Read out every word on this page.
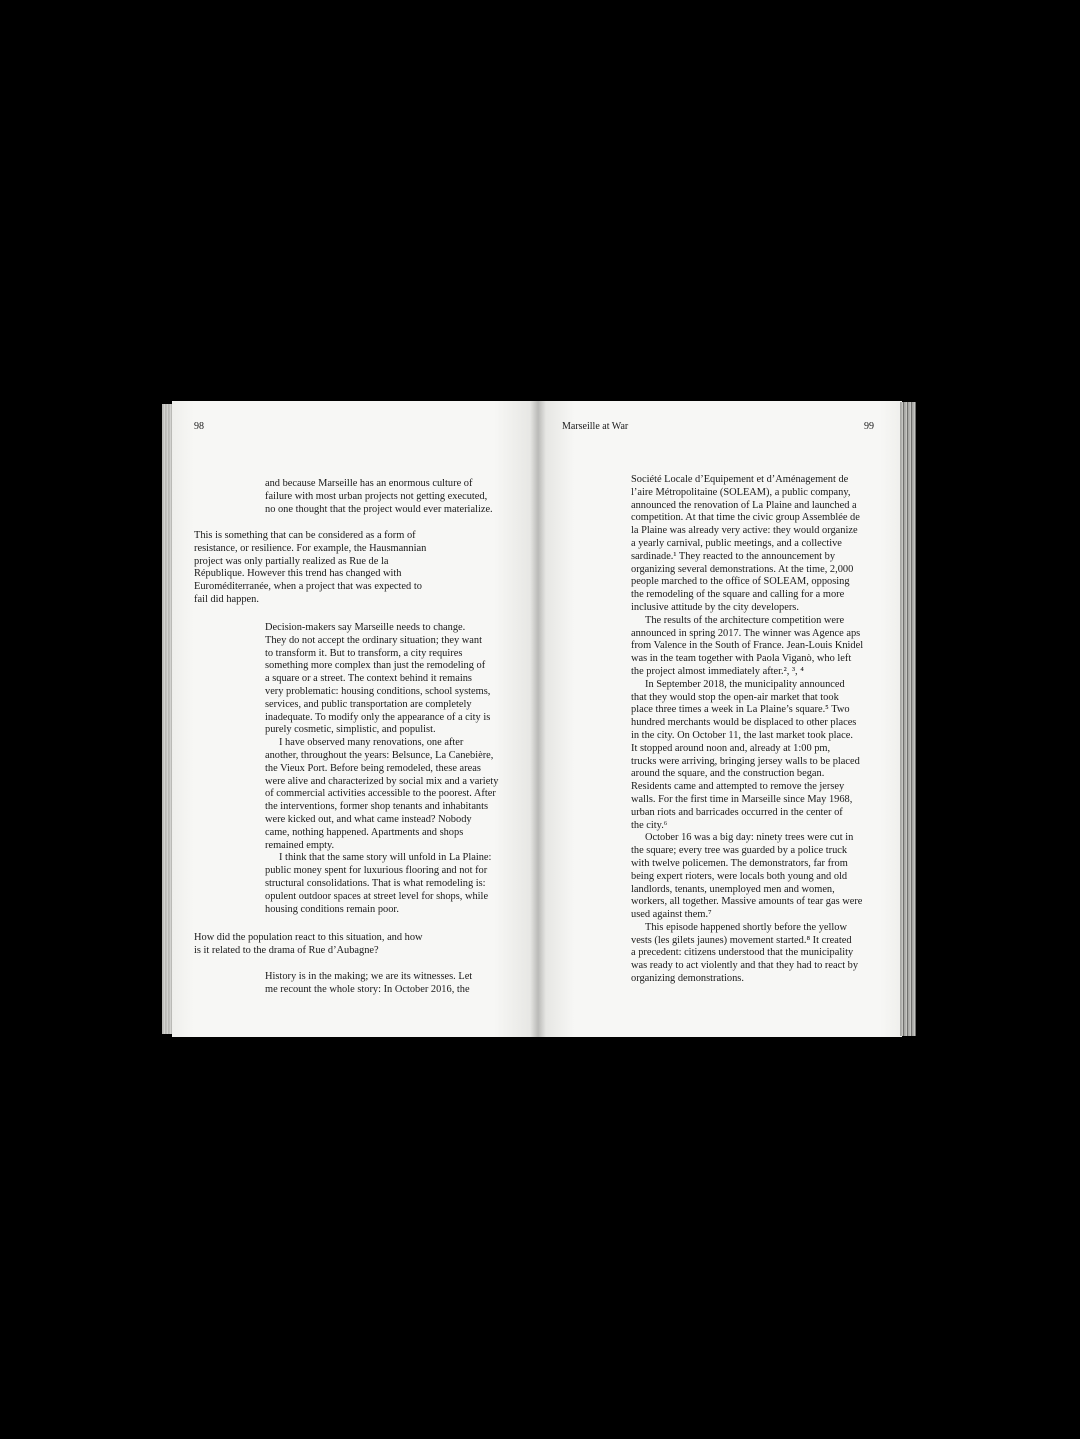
98
and because Marseille has an enormous culture of
failure with most urban projects not getting executed,
no one thought that the project would ever materialize.
This is something that can be considered as a form of
resistance, or resilience. For example, the Hausmannian
project was only partially realized as Rue de la
République. However this trend has changed with
Euroméditerranée, when a project that was expected to
fail did happen.
Decision-makers say Marseille needs to change.
They do not accept the ordinary situation; they want
to transform it. But to transform, a city requires
something more complex than just the remodeling of
a square or a street. The context behind it remains
very problematic: housing conditions, school systems,
services, and public transportation are completely
inadequate. To modify only the appearance of a city is
purely cosmetic, simplistic, and populist.
I have observed many renovations, one after
another, throughout the years: Belsunce, La Canebière,
the Vieux Port. Before being remodeled, these areas
were alive and characterized by social mix and a variety
of commercial activities accessible to the poorest. After
the interventions, former shop tenants and inhabitants
were kicked out, and what came instead? Nobody
came, nothing happened. Apartments and shops
remained empty.
I think that the same story will unfold in La Plaine:
public money spent for luxurious flooring and not for
structural consolidations. That is what remodeling is:
opulent outdoor spaces at street level for shops, while
housing conditions remain poor.
How did the population react to this situation, and how
is it related to the drama of Rue d’Aubagne?
History is in the making; we are its witnesses. Let
me recount the whole story: In October 2016, the
Marseille at War	99
Société Locale d’Equipement et d’Aménagement de
l’aire Métropolitaine (SOLEAM), a public company,
announced the renovation of La Plaine and launched a
competition. At that time the civic group Assemblée de
la Plaine was already very active: they would organize
a yearly carnival, public meetings, and a collective
sardinade.¹ They reacted to the announcement by
organizing several demonstrations. At the time, 2,000
people marched to the office of SOLEAM, opposing
the remodeling of the square and calling for a more
inclusive attitude by the city developers.
The results of the architecture competition were
announced in spring 2017. The winner was Agence aps
from Valence in the South of France. Jean-Louis Knidel
was in the team together with Paola Viganò, who left
the project almost immediately after.², ³, ⁴
In September 2018, the municipality announced
that they would stop the open-air market that took
place three times a week in La Plaine’s square.⁵ Two
hundred merchants would be displaced to other places
in the city. On October 11, the last market took place.
It stopped around noon and, already at 1:00 pm,
trucks were arriving, bringing jersey walls to be placed
around the square, and the construction began.
Residents came and attempted to remove the jersey
walls. For the first time in Marseille since May 1968,
urban riots and barricades occurred in the center of
the city.⁶
October 16 was a big day: ninety trees were cut in
the square; every tree was guarded by a police truck
with twelve policemen. The demonstrators, far from
being expert rioters, were locals both young and old
landlords, tenants, unemployed men and women,
workers, all together. Massive amounts of tear gas were
used against them.⁷
This episode happened shortly before the yellow
vests (les gilets jaunes) movement started.⁸ It created
a precedent: citizens understood that the municipality
was ready to act violently and that they had to react by
organizing demonstrations.
